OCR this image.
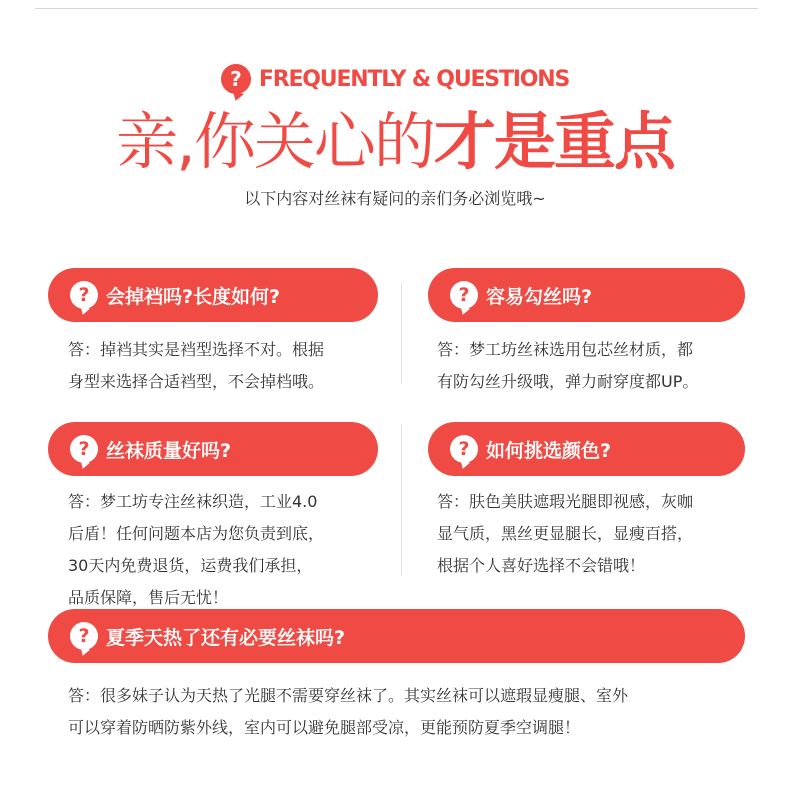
? FREQUENTLY & QUESTIONS
亲,你关心的才是重点
以下内容对丝袜有疑问的亲们务必浏览哦~
? 会掉裆吗?长度如何?
答：掉裆其实是裆型选择不对。根据
身型来选择合适裆型，不会掉档哦。
? 容易勾丝吗?
答：梦工坊丝袜选用包芯丝材质，都
有防勾丝升级哦，弹力耐穿度都UP。
? 丝袜质量好吗?
答：梦工坊专注丝袜织造，工业4.0
后盾！任何问题本店为您负责到底，
30天内免费退货，运费我们承担，
品质保障，售后无忧！
? 如何挑选颜色?
答：肤色美肤遮瑕光腿即视感，灰咖
显气质，黑丝更显腿长，显瘦百搭，
根据个人喜好选择不会错哦！
? 夏季天热了还有必要丝袜吗?
答：很多妹子认为天热了光腿不需要穿丝袜了。其实丝袜可以遮瑕显瘦腿、室外
可以穿着防晒防紫外线，室内可以避免腿部受凉，更能预防夏季空调腿！
